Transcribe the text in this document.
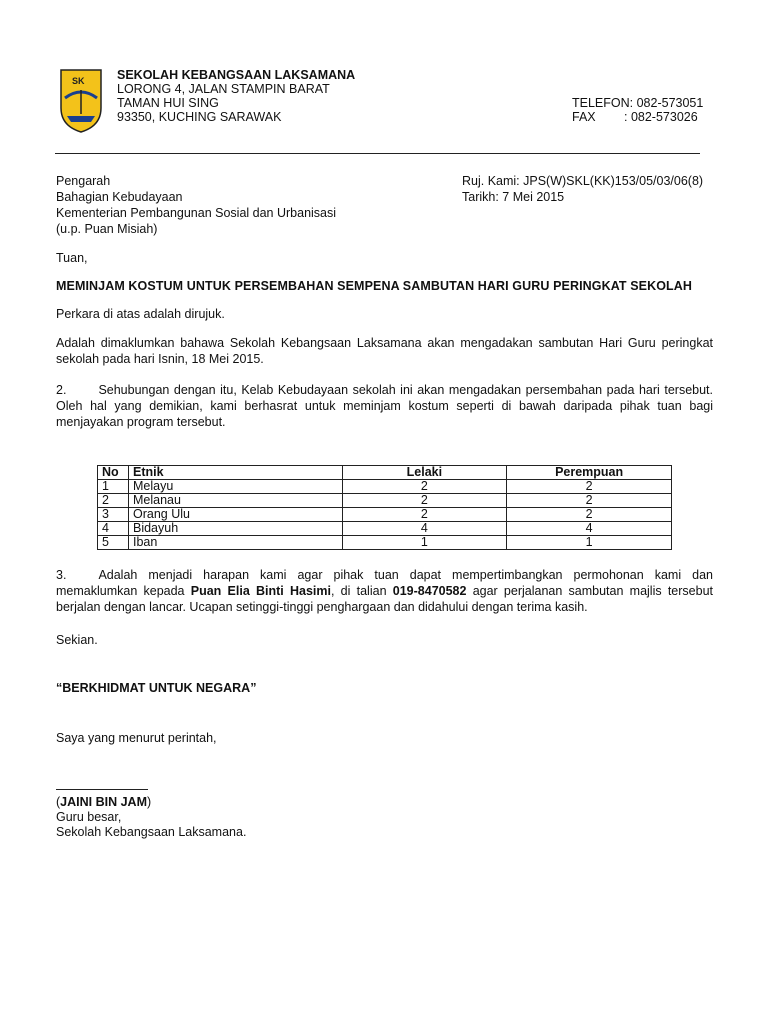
SK	SEKOLAH KEBANGSAAN LAKSAMANA
LORONG 4, JALAN STAMPIN BARAT
TAMAN HUI SING
93350, KUCHING SARAWAK
TELEFON: 082-573051
FAX : 082-573026
Pengarah
Bahagian Kebudayaan
Kementerian Pembangunan Sosial dan Urbanisasi
(u.p. Puan Misiah)
Ruj. Kami: JPS(W)SKL(KK)153/05/03/06(8)
Tarikh: 7 Mei 2015
Tuan,
MEMINJAM KOSTUM UNTUK PERSEMBAHAN SEMPENA SAMBUTAN HARI GURU PERINGKAT SEKOLAH
Perkara di atas adalah dirujuk.
Adalah dimaklumkan bahawa Sekolah Kebangsaan Laksamana akan mengadakan sambutan Hari Guru peringkat sekolah pada hari Isnin, 18 Mei 2015.
2.	Sehubungan dengan itu, Kelab Kebudayaan sekolah ini akan mengadakan persembahan pada hari tersebut. Oleh hal yang demikian, kami berhasrat untuk meminjam kostum seperti di bawah daripada pihak tuan bagi menjayakan program tersebut.
No	Etnik	Lelaki	Perempuan
1	Melayu	2	2
2	Melanau	2	2
3	Orang Ulu	2	2
4	Bidayuh	4	4
5	Iban	1	1
3.	Adalah menjadi harapan kami agar pihak tuan dapat mempertimbangkan permohonan kami dan memaklumkan kepada Puan Elia Binti Hasimi, di talian 019-8470582 agar perjalanan sambutan majlis tersebut berjalan dengan lancar. Ucapan setinggi-tinggi penghargaan dan didahului dengan terima kasih.
Sekian.
“BERKHIDMAT UNTUK NEGARA”
Saya yang menurut perintah,
(JAINI BIN JAM)
Guru besar,
Sekolah Kebangsaan Laksamana.
